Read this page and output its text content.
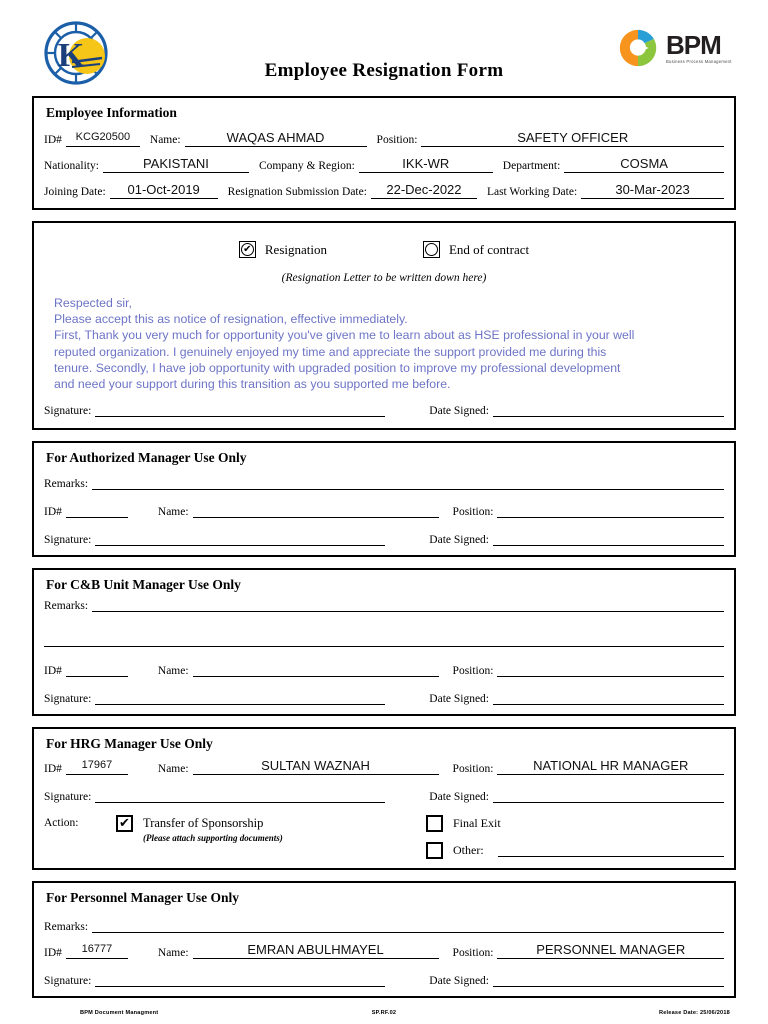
K	Employee Resignation Form
BPM
Business Process Management
Employee Information
ID#	KCG20500	Name:	WAQAS AHMAD	Position:	SAFETY OFFICER
Nationality:	PAKISTANI	Company & Region:	IKK-WR	Department:	COSMA
Joining Date:	01-Oct-2019	Resignation Submission Date:	22-Dec-2022	Last Working Date:	30-Mar-2023
✔ Resignation	End of contract
(Resignation Letter to be written down here)

Respected sir,

Please accept this as notice of resignation, effective immediately.

First, Thank you very much for opportunity you've given me to learn about as HSE professional in your well

reputed organization. I genuinely enjoyed my time and appreciate the support provided me during this

tenure. Secondly, I have job opportunity with upgraded position to improve my professional development

and need your support during this transition as you supported me before.

Signature:	Date Signed:
For Authorized Manager Use Only
Remarks:
ID#	Name:	Position:
Signature:	Date Signed:
For C&B Unit Manager Use Only
Remarks:
ID#	Name:	Position:
Signature:	Date Signed:
For HRG Manager Use Only
ID#	17967	Name:	SULTAN WAZNAH	Position:	NATIONAL HR MANAGER
Signature:	Date Signed:
Action:	✔ Transfer of Sponsorship
(Please attach supporting documents)
Final Exit
Other:
For Personnel Manager Use Only
Remarks:
ID#	16777	Name:	EMRAN ABULHMAYEL	Position:	PERSONNEL MANAGER
Signature:	Date Signed:
BPM Document Managment	SP.RF.02	Release Date: 25/06/2018
